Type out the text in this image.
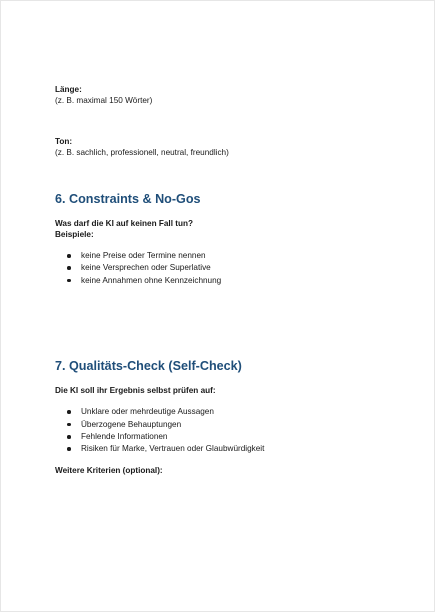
Länge:

(z. B. maximal 150 Wörter)

Ton:

(z. B. sachlich, professionell, neutral, freundlich)

6. Constraints & No-Gos

Was darf die KI auf keinen Fall tun?

Beispiele:

keine Preise oder Termine nennen
keine Versprechen oder Superlative
keine Annahmen ohne Kennzeichnung
7. Qualitäts-Check (Self-Check)

Die KI soll ihr Ergebnis selbst prüfen auf:

Unklare oder mehrdeutige Aussagen
Überzogene Behauptungen
Fehlende Informationen
Risiken für Marke, Vertrauen oder Glaubwürdigkeit

Weitere Kriterien (optional):
